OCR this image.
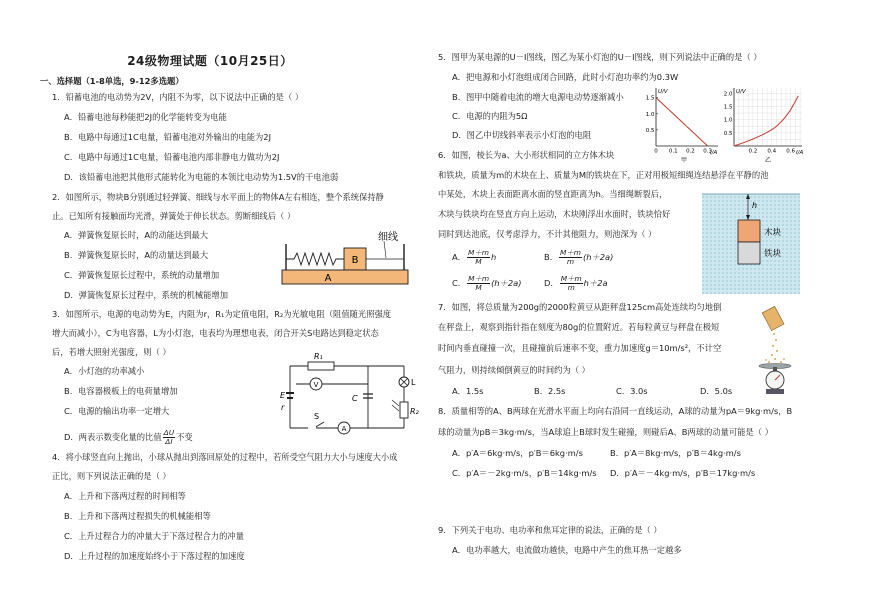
24级物理试题（10月25日）
一、选择题（1-8单选，9-12多选题）
1．铅蓄电池的电动势为2V，内阻不为零，以下说法中正确的是（ ）
A．铅蓄电池每秒能把2J的化学能转变为电能
B．电路中每通过1C电量，铅蓄电池对外输出的电能为2J
C．电路中每通过1C电量，铅蓄电池内部非静电力做功为2J
D．该铅蓄电池把其他形式能转化为电能的本领比电动势为1.5V的干电池弱
2．如图所示，物块B分别通过轻弹簧、细线与水平面上的物体A左右相连，整个系统保持静
止。已知所有接触面均光滑，弹簧处于伸长状态。剪断细线后（ ）
A．弹簧恢复原长时，A的动能达到最大
B．弹簧恢复原长时，A的动量达到最大
C．弹簧恢复原长过程中，系统的动量增加
D．弹簧恢复原长过程中，系统的机械能增加
B
细线
A
3．如图所示，电源的电动势为E，内阻为r，R₁为定值电阻，R₂为光敏电阻（阻值随光照强度
增大而减小），C为电容器，L为小灯泡，电表均为理想电表，闭合开关S电路达到稳定状态
后，若增大照射光强度，则（ ）
A．小灯泡的功率减小
B．电容器极板上的电荷量增加
C．电源的输出功率一定增大
D．两表示数变化量的比值 $\frac{\Delta U}{\Delta I}$ 不变
R₁
V
E
r
C
L
R₂
S
A
4．将小球竖直向上抛出，小球从抛出到落回原处的过程中，若所受空气阻力大小与速度大小成
正比，则下列说法正确的是（ ）
A．上升和下落两过程的时间相等
B．上升和下落两过程损失的机械能相等
C．上升过程合力的冲量大于下落过程合力的冲量
D．上升过程的加速度始终小于下落过程的加速度
5．图甲为某电源的U－I图线，图乙为某小灯泡的U－I图线，则下列说法中正确的是（ ）
A．把电源和小灯泡组成闭合回路，此时小灯泡功率约为0.3W
B．图甲中随着电流的增大电源电动势逐渐减小
C．电源的内阻为5Ω
D．图乙中切线斜率表示小灯泡的电阻
U/V
I/A
1.5
1.0
0.5
0 0.1 0.2 0.3
甲
U/V
I/A
2.0
1.5
1.0
0.5
0.2 0.4 0.6
乙
6．如图，棱长为a、大小形状相同的立方体木块
和铁块，质量为m的木块在上、质量为M的铁块在下，正对用极短细绳连结悬浮在平静的池
中某处，木块上表面距离水面的竖直距离为h。当细绳断裂后，
木块与铁块均在竖直方向上运动，木块刚浮出水面时，铁块恰好
同时到达池底，仅考虑浮力，不计其他阻力，则池深为（ ）
A． $\frac{M+m}{M}$ h	B． $\frac{M+m}{m} (h+2a)$
C． $\frac{M+m}{M} (h+2a)$	D． $\frac{M+m}{m} h+2a$
h
木块
铁块
7．如图，将总质量为200g的2000粒黄豆从距秤盘125cm高处连续均匀地倒
在秤盘上，观察到指针指在刻度为80g的位置附近。若每粒黄豆与秤盘在极短
时间内垂直碰撞一次，且碰撞前后速率不变，重力加速度g＝10m/s²，不计空
气阻力，则持续倾倒黄豆的时间约为（ ）
A．1.5s	B．2.5s	C．3.0s	D．5.0s
8．质量相等的A、B两球在光滑水平面上均向右沿同一直线运动，A球的动量为pA＝9kg·m/s，B
球的动量为pB＝3kg·m/s，当A球追上B球时发生碰撞，则碰后A、B两球的动量可能是（ ）
A．p′A＝6kg·m/s，p′B＝6kg·m/s	B．p′A＝8kg·m/s，p′B＝4kg·m/s
C．p′A＝－2kg·m/s，p′B＝14kg·m/s D．p′A＝－4kg·m/s，p′B＝17kg·m/s
9．下列关于电功、电功率和焦耳定律的说法，正确的是（ ）
A．电功率越大，电流做功越快，电路中产生的焦耳热一定越多
